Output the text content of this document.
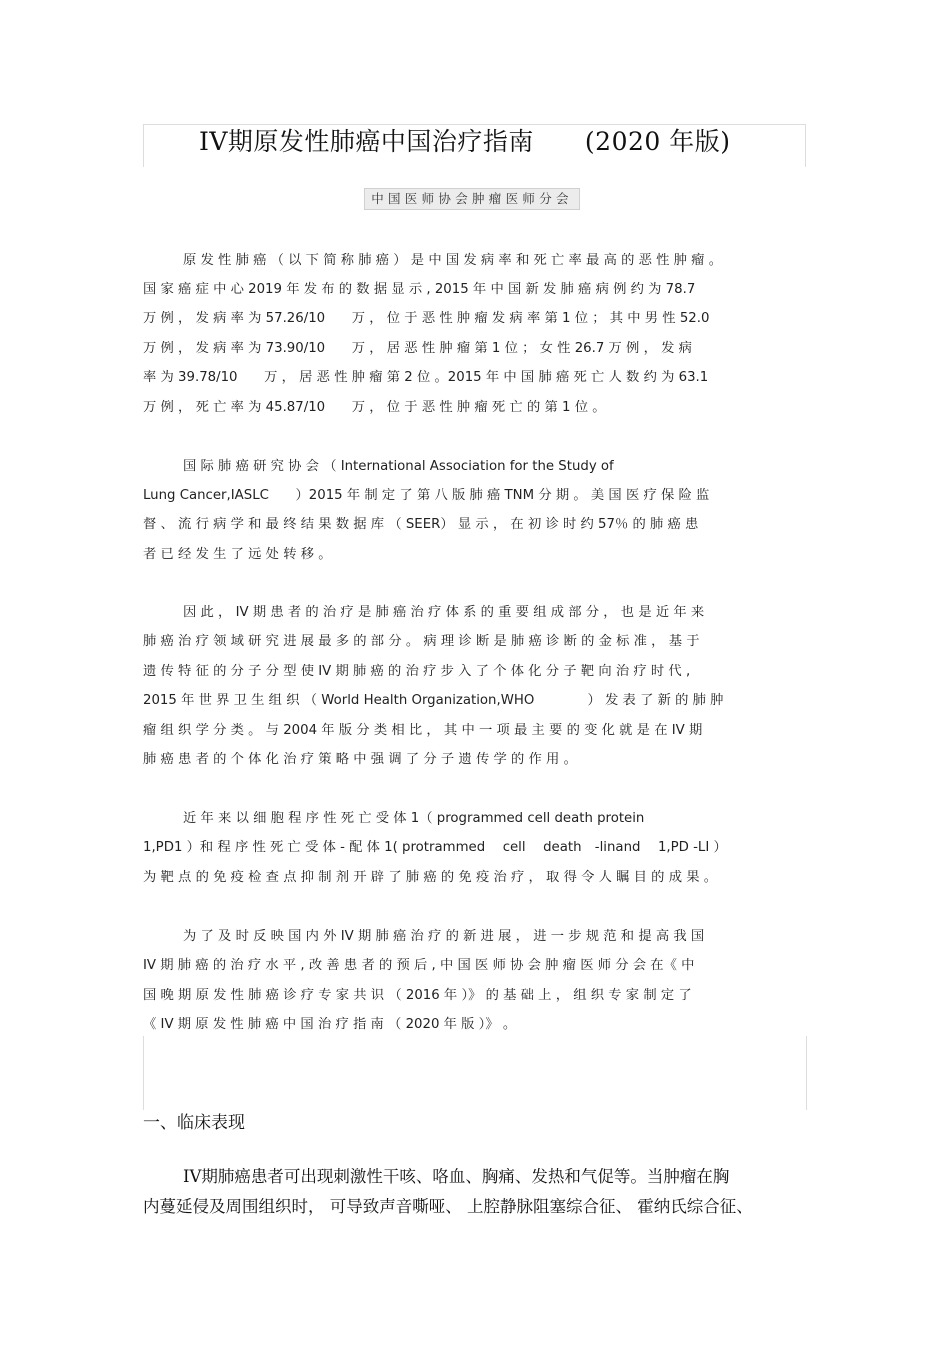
IV期原发性肺癌中国治疗指南　　(2020 年版)
中国医师协会肿瘤医师分会
原 发 性 肺 癌 （ 以 下 简 称 肺 癌 ） 是 中 国 发 病 率 和 死 亡 率 最 高 的 恶 性 肿 瘤 。
国 家 癌 症 中 心 2019 年 发 布 的 数 据 显 示 , 2015 年 中 国 新 发 肺 癌 病 例 约 为 78.7
万 例 ， 发 病 率 为 57.26/10　　万 ， 位 于 恶 性 肿 瘤 发 病 率 第 1 位 ； 其 中 男 性 52.0
万 例 ， 发 病 率 为 73.90/10　　万 ， 居 恶 性 肿 瘤 第 1 位 ； 女 性 26.7 万 例 ， 发 病
率 为 39.78/10　　万 ， 居 恶 性 肿 瘤 第 2 位 。2015 年 中 国 肺 癌 死 亡 人 数 约 为 63.1
万 例 ， 死 亡 率 为 45.87/10　　万 ， 位 于 恶 性 肿 瘤 死 亡 的 第 1 位 。
国 际 肺 癌 研 究 协 会 （ International Association for the Study of
Lung Cancer,IASLC　　）2015 年 制 定 了 第 八 版 肺 癌 TNM 分 期 。 美 国 医 疗 保 险 监
督 、 流 行 病 学 和 最 终 结 果 数 据 库 （ SEER） 显 示 ， 在 初 诊 时 约 57％ 的 肺 癌 患
者 已 经 发 生 了 远 处 转 移 。
因 此 ， IV 期 患 者 的 治 疗 是 肺 癌 治 疗 体 系 的 重 要 组 成 部 分 ， 也 是 近 年 来
肺 癌 治 疗 领 域 研 究 进 展 最 多 的 部 分 。 病 理 诊 断 是 肺 癌 诊 断 的 金 标 准 ， 基 于
遗 传 特 征 的 分 子 分 型 使 IV 期 肺 癌 的 治 疗 步 入 了 个 体 化 分 子 靶 向 治 疗 时 代 ,
2015 年 世 界 卫 生 组 织 （ World Health Organization,WHO　　　　） 发 表 了 新 的 肺 肿
瘤 组 织 学 分 类 。 与 2004 年 版 分 类 相 比 ， 其 中 一 项 最 主 要 的 变 化 就 是 在 IV 期
肺 癌 患 者 的 个 体 化 治 疗 策 略 中 强 调 了 分 子 遗 传 学 的 作 用 。
近 年 来 以 细 胞 程 序 性 死 亡 受 体 1（ programmed cell death protein
1,PD1 ）和 程 序 性 死 亡 受 体 - 配 体 1( protrammed　 cell　 death　-linand　 1,PD -LI ）
为 靶 点 的 免 疫 检 查 点 抑 制 剂 开 辟 了 肺 癌 的 免 疫 治 疗 ， 取 得 令 人 瞩 目 的 成 果 。
为 了 及 时 反 映 国 内 外 IV 期 肺 癌 治 疗 的 新 进 展 ， 进 一 步 规 范 和 提 高 我 国
IV 期 肺 癌 的 治 疗 水 平 , 改 善 患 者 的 预 后 , 中 国 医 师 协 会 肿 瘤 医 师 分 会 在《 中
国 晚 期 原 发 性 肺 癌 诊 疗 专 家 共 识 （ 2016 年 ）》 的 基 础 上 ， 组 织 专 家 制 定 了
《 IV 期 原 发 性 肺 癌 中 国 治 疗 指 南 （ 2020 年 版 ）》 。
一、临床表现
IV期肺癌患者可出现刺激性干咳、咯血、胸痛、发热和气促等。当肿瘤在胸
内蔓延侵及周围组织时， 可导致声音嘶哑、 上腔静脉阻塞综合征、 霍纳氏综合征、
